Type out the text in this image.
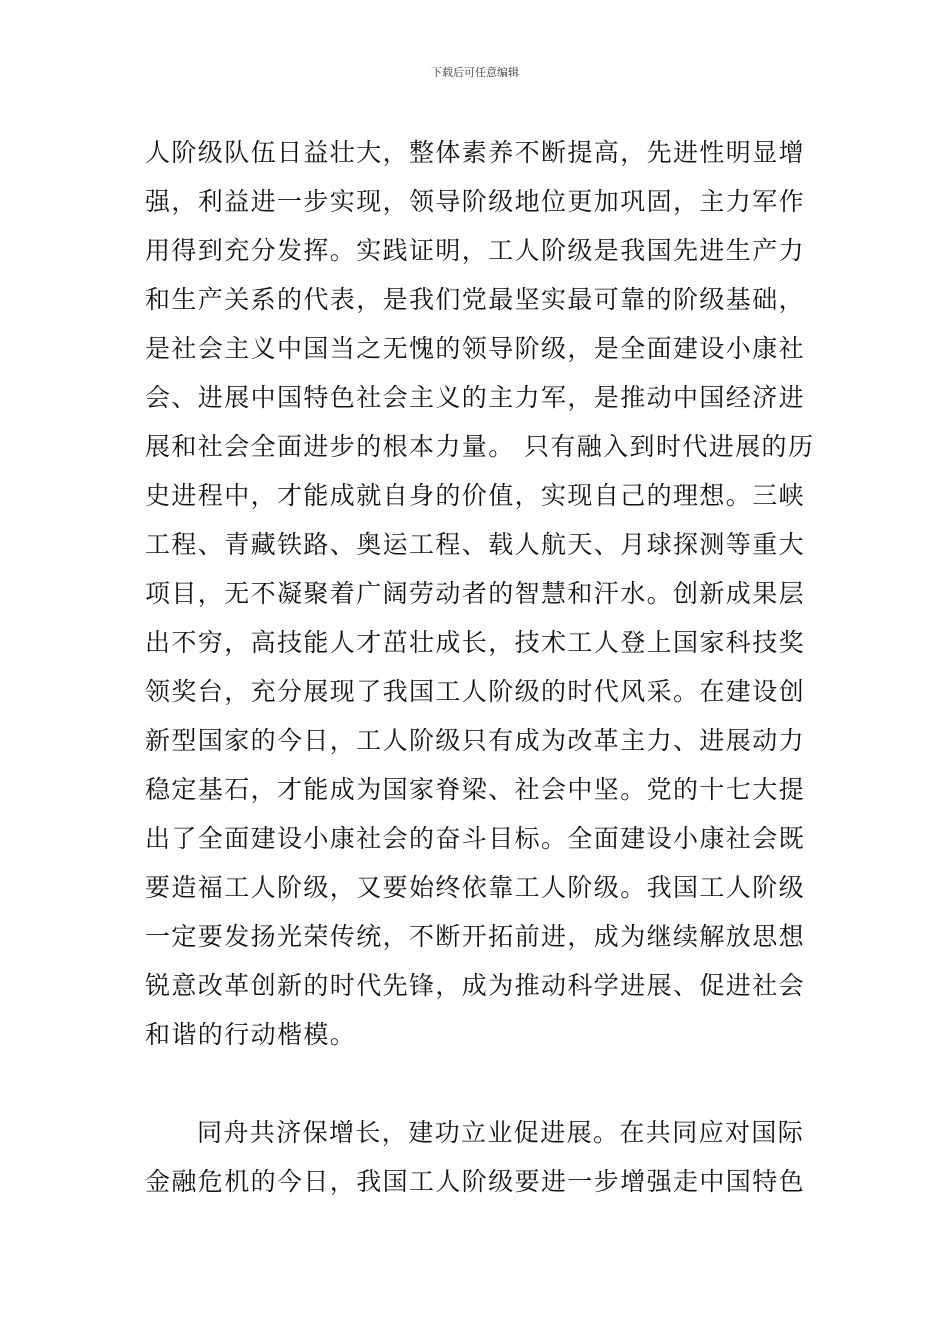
下载后可任意编辑
人阶级队伍日益壮大，整体素养不断提高，先进性明显增
强，利益进一步实现，领导阶级地位更加巩固，主力军作
用得到充分发挥。实践证明，工人阶级是我国先进生产力
和生产关系的代表，是我们党最坚实最可靠的阶级基础，
是社会主义中国当之无愧的领导阶级，是全面建设小康社
会、进展中国特色社会主义的主力军，是推动中国经济进
展和社会全面进步的根本力量。 只有融入到时代进展的历
史进程中，才能成就自身的价值，实现自己的理想。三峡
工程、青藏铁路、奥运工程、载人航天、月球探测等重大
项目，无不凝聚着广阔劳动者的智慧和汗水。创新成果层
出不穷，高技能人才茁壮成长，技术工人登上国家科技奖
领奖台，充分展现了我国工人阶级的时代风采。在建设创
新型国家的今日，工人阶级只有成为改革主力、进展动力
稳定基石，才能成为国家脊梁、社会中坚。党的十七大提
出了全面建设小康社会的奋斗目标。全面建设小康社会既
要造福工人阶级，又要始终依靠工人阶级。我国工人阶级
一定要发扬光荣传统，不断开拓前进，成为继续解放思想
锐意改革创新的时代先锋，成为推动科学进展、促进社会
和谐的行动楷模。
同舟共济保增长，建功立业促进展。在共同应对国际
金融危机的今日，我国工人阶级要进一步增强走中国特色
